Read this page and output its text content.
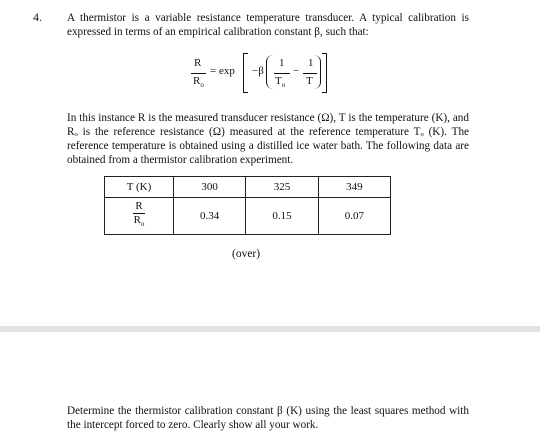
4. A thermistor is a variable resistance temperature transducer. A typical calibration is expressed in terms of an empirical calibration constant β, such that:

R
$R_o$
= exp −β
1
$T_o$
−
1
T

In this instance R is the measured transducer resistance (Ω), T is the temperature (K), and Rₒ is the reference resistance (Ω) measured at the reference temperature Tₒ (K). The reference temperature is obtained using a distilled ice water bath. The following data are obtained from a thermistor calibration experiment.

T (K)	300	325	349

$\frac{R}{R_o}$	0.34	0.15	0.07
(over)

Determine the thermistor calibration constant β (K) using the least squares method with the intercept forced to zero. Clearly show all your work.
